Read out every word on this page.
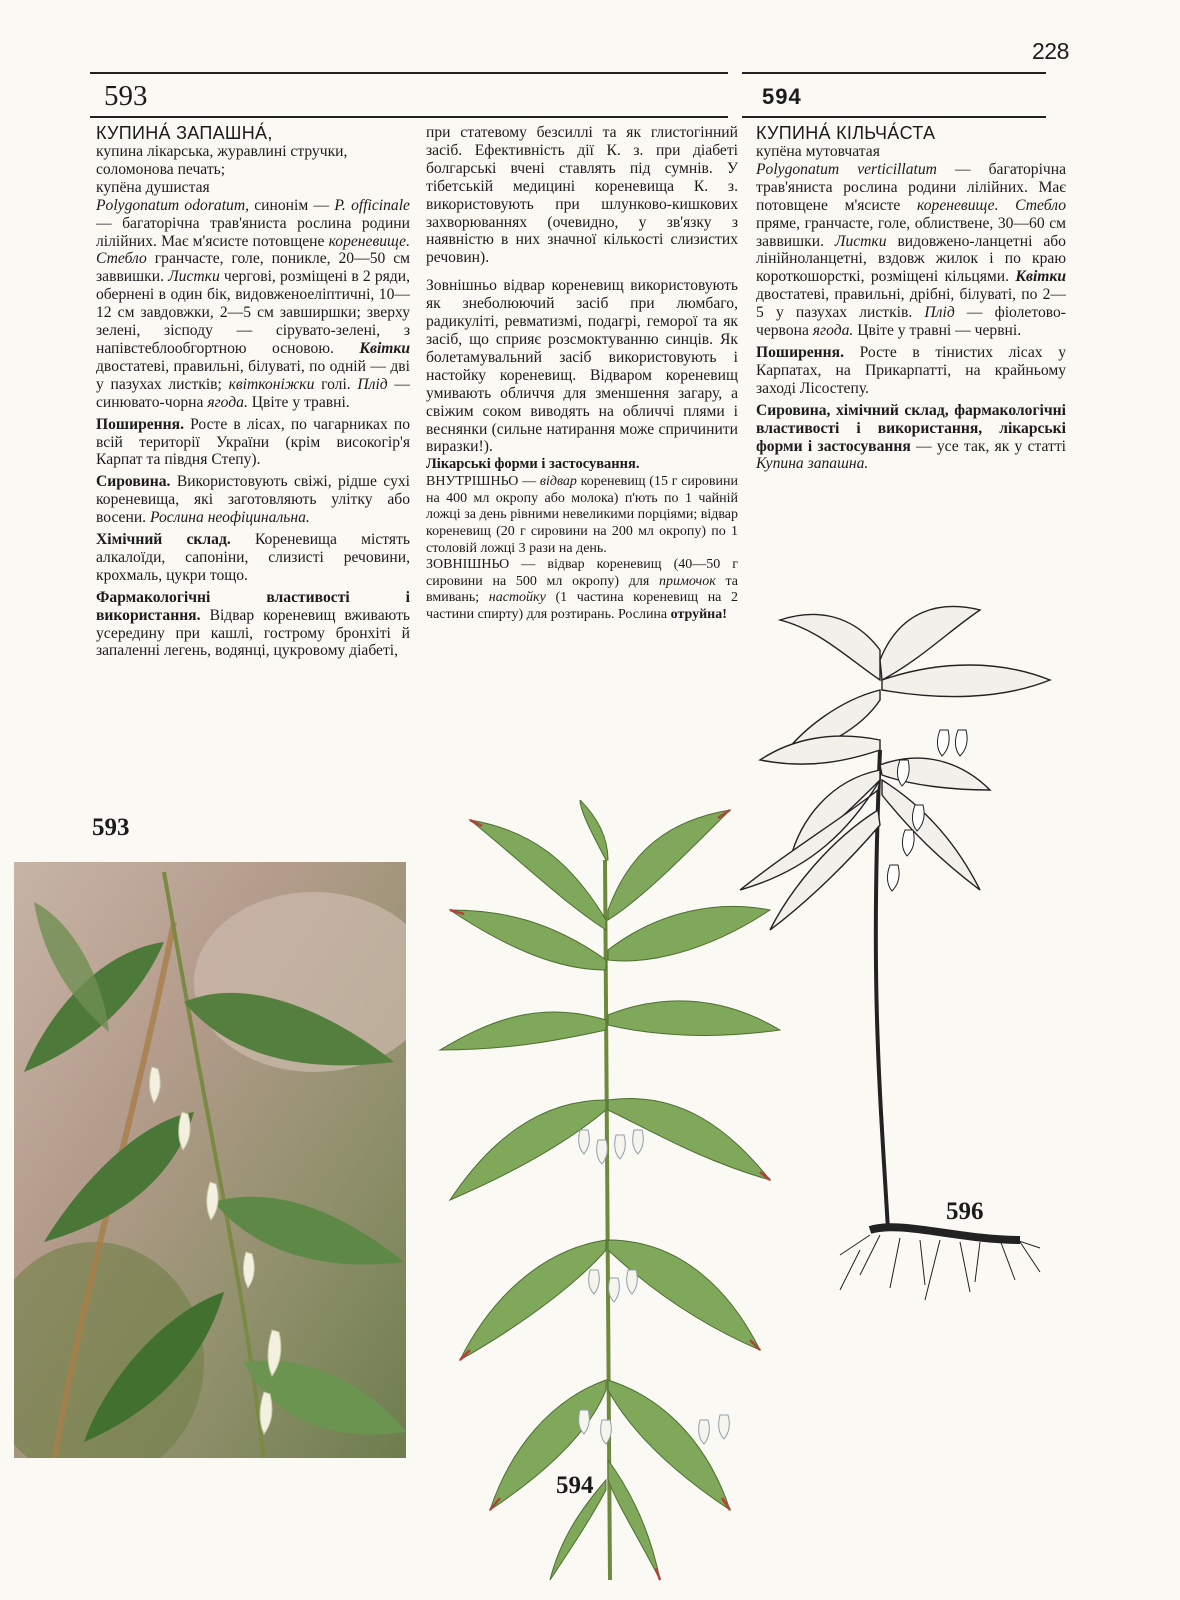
228
593	594
КУПИНА́ ЗАПАШНА́,
купина лікарська, журавлині стручки, соломонова печать;
купёна душистая
Polygonatum odoratum, синонім — P. officinale — багаторічна трав'яниста рослина родини лілійних. Має м'ясисте потовщене кореневище. Стебло гранчасте, голе, поникле, 20—50 см заввишки. Листки чергові, розміщені в 2 ряди, обернені в один бік, видовженоеліптичні, 10—12 см завдовжки, 2—5 см завширшки; зверху зелені, зісподу — сірувато-зелені, з напівстеблообгортною основою. Квітки двостатеві, правильні, білуваті, по одній — дві у пазухах листків; квітконіжки голі. Плід — синюватo-чорна ягода. Цвіте у травні.

Поширення. Росте в лісах, по чагарниках по всій території України (крім високогір'я Карпат та півдня Степу).

Сировина. Використовують свіжі, рідше сухі кореневища, які заготовляють улітку або восени. Рослина неофіцинальна.

Хімічний склад. Кореневища містять алкалоїди, сапоніни, слизисті речовини, крохмаль, цукри тощо.

Фармакологічні властивості і використання. Відвар кореневищ вживають усередину при кашлі, гострому бронхіті й запаленні легень, водянці, цукровому діабеті,

при статевому безсиллі та як глистогінний засіб. Ефективність дії К. з. при діабеті болгарські вчені ставлять під сумнів. У тібетській медицині кореневища К. з. використовують при шлунково-кишкових захворюваннях (очевидно, у зв'язку з наявністю в них значної кількості слизистих речовин).

Зовнішньо відвар кореневищ використовують як знеболюючий засіб при люмбаго, радикуліті, ревматизмі, подагрі, геморої та як засіб, що сприяє розсмоктуванню синців. Як болетамувальний засіб використовують і настойку кореневищ. Відваром кореневищ умивають обличчя для зменшення загару, а свіжим соком виводять на обличчі плями і веснянки (сильне натирання може спричинити виразки!).

Лікарські форми і застосування.

ВНУТРІШНЬО — відвар кореневищ (15 г сировини на 400 мл окропу або молока) п'ють по 1 чайній ложці за день рівними невеликими порціями; відвар кореневищ (20 г сировини на 200 мл окропу) по 1 столовій ложці 3 рази на день.

ЗОВНІШНЬО — відвар кореневищ (40—50 г сировини на 500 мл окропу) для примочок та вмивань; настойку (1 частина кореневищ на 2 частини спирту) для розтирань. Рослина отруйна!

КУПИНА́ КІЛЬЧА́СТА
купёна мутовчатая
Polygonatum verticillatum — багаторічна трав'яниста рослина родини лілійних. Має потовщене м'ясисте кореневище. Стебло пряме, гранчасте, голе, облиственe, 30—60 см заввишки. Листки видовжено-ланцетні або лінійноланцетні, вздовж жилок і по краю короткошорсткі, розміщені кільцями. Квітки двостатеві, правильні, дрібні, білуваті, по 2—5 у пазухах листків. Плід — фіолетово-червона ягода. Цвіте у травні — червні.

Поширення. Росте в тінистих лісах у Карпатах, на Прикарпатті, на крайньому заході Лісостепу.

Сировина, хімічний склад, фармакологічні властивості і використання, лікарські форми і застосування — усе так, як у статті Купина запашна.

593
594
596
